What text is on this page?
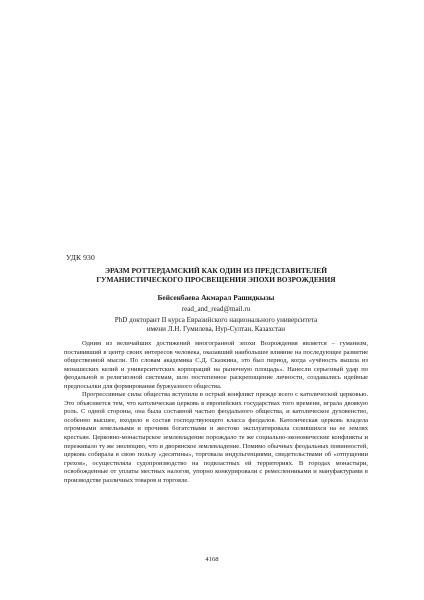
УДК 930
ЭРАЗМ РОТТЕРДАМСКИЙ КАК ОДИН ИЗ ПРЕДСТАВИТЕЛЕЙ
ГУМАНИСТИЧЕСКОГО ПРОСВЕЩЕНИЯ ЭПОХИ ВОЗРОЖДЕНИЯ
Бейсенбаева Акмарал Рашидкызы
read_and_read@mail.ru
PhD докторант II курса Евразийского национального университета
имени Л.Н. Гумилева, Нур-Султан, Казахстан

Одним из величайших достижений многогранной эпохи Возрождения является – гуманизм, поставивший в центр своих интересов человека, оказавший наибольшее влияние на последующее развитие общественной мысли. По словам академика С.Д. Сказкина, это был период, когда «учёность вышла из монашеских келий и университетских корпораций на рыночную площадь». Нанесли серьезный удар по феодальной и религиозной системам, шло постепенное раскрепощение личности, создавались идейные предпосылки для формирования буржуазного общества.

Прогрессивные силы общества вступили в острый конфликт прежде всего с католической церковью. Это объясняется тем, что католическая церковь в европейских государствах того времени, играла двоякую роль. С одной стороны, она была составной частью феодального общества, и католическое духовенство, особенно высшее, входило в состав господствующего класса феодалов. Католическая церковь владела огромными земельными и прочими богатствами и жестоко эксплуатировала селившихся на ее землях крестьян. Церковно-монастырское землевладение порождало те же социально-экономические конфликты и переживало ту же эволюцию, что и дворянское землевладение. Помимо обычных феодальных повинностей, церковь собирала в свою пользу «десятины», торговала индульгенциями, свидетельствами об «отпущении грехов», осуществляла судопроизводство на подвластных ей территориях. В городах монастыри, освобожденные от уплаты местных налогов, упорно конкурировали с ремесленниками и мануфактурами в производстве различных товаров и торговле.

4168
